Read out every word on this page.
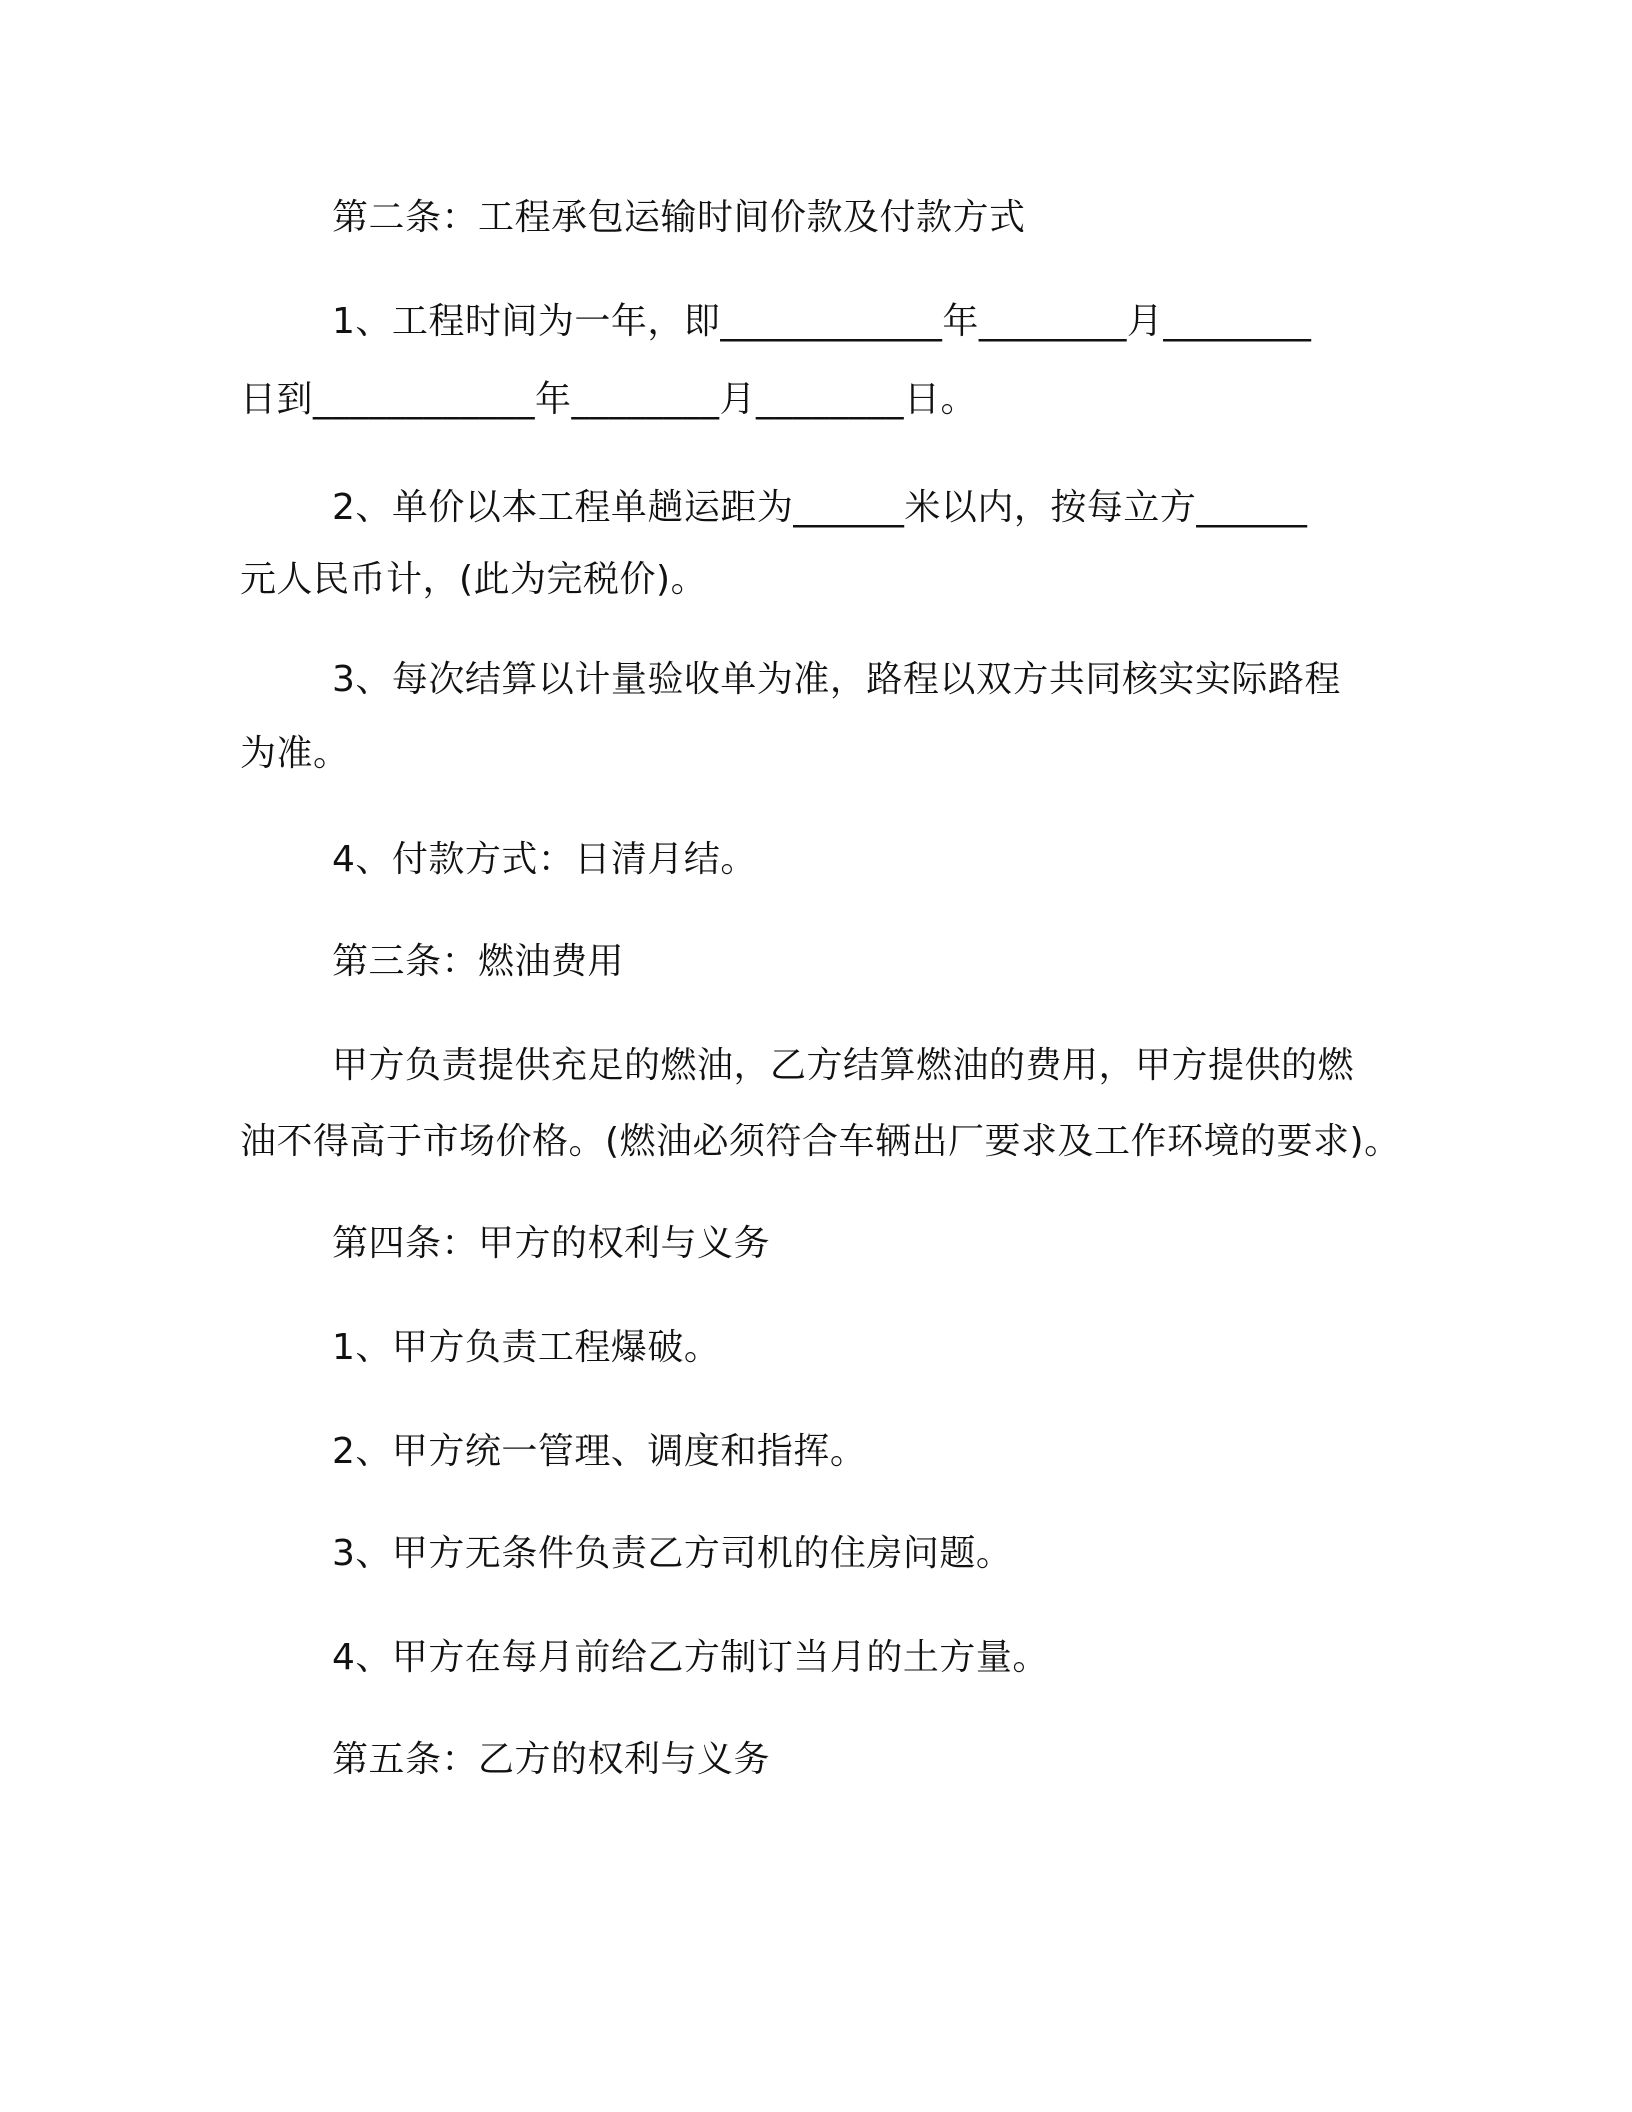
第二条：工程承包运输时间价款及付款方式
1、工程时间为一年，即____________年________月________
日到____________年________月________日。
2、单价以本工程单趟运距为______米以内，按每立方______
元人民币计，(此为完税价)。
3、每次结算以计量验收单为准，路程以双方共同核实实际路程
为准。
4、付款方式：日清月结。
第三条：燃油费用
甲方负责提供充足的燃油，乙方结算燃油的费用，甲方提供的燃
油不得高于市场价格。(燃油必须符合车辆出厂要求及工作环境的要求)。
第四条：甲方的权利与义务
1、甲方负责工程爆破。
2、甲方统一管理、调度和指挥。
3、甲方无条件负责乙方司机的住房问题。
4、甲方在每月前给乙方制订当月的土方量。
第五条：乙方的权利与义务
